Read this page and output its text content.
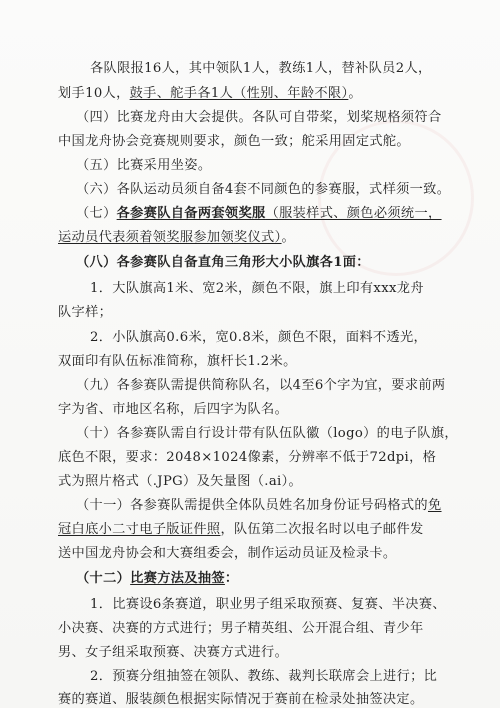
各队限报16人，其中领队1人，教练1人，替补队员2人，

划手10人，鼓手、舵手各1人（性别、年龄不限）。

（四）比赛龙舟由大会提供。各队可自带桨，划桨规格须符合

中国龙舟协会竞赛规则要求，颜色一致；舵采用固定式舵。

（五）比赛采用坐姿。

（六）各队运动员须自备4套不同颜色的参赛服，式样须一致。

（七）各参赛队自备两套领奖服（服装样式、颜色必须统一，

运动员代表须着领奖服参加领奖仪式）。

（八）各参赛队自备直角三角形大小队旗各1面：

1．大队旗高1米、宽2米，颜色不限，旗上印有xxx龙舟

队字样；

2．小队旗高0.6米，宽0.8米，颜色不限，面料不透光，

双面印有队伍标准简称，旗杆长1.2米。

（九）各参赛队需提供简称队名，以4至6个字为宜，要求前两

字为省、市地区名称，后四字为队名。

（十）各参赛队需自行设计带有队伍队徽（logo）的电子队旗，

底色不限，要求：2048×1024像素，分辨率不低于72dpi，格

式为照片格式（.JPG）及矢量图（.ai）。

（十一）各参赛队需提供全体队员姓名加身份证号码格式的免

冠白底小二寸电子版证件照，队伍第二次报名时以电子邮件发

送中国龙舟协会和大赛组委会，制作运动员证及检录卡。

（十二）比赛方法及抽签：

1．比赛设6条赛道，职业男子组采取预赛、复赛、半决赛、

小决赛、决赛的方式进行；男子精英组、公开混合组、青少年

男、女子组采取预赛、决赛方式进行。

2．预赛分组抽签在领队、教练、裁判长联席会上进行；比

赛的赛道、服装颜色根据实际情况于赛前在检录处抽签决定。
